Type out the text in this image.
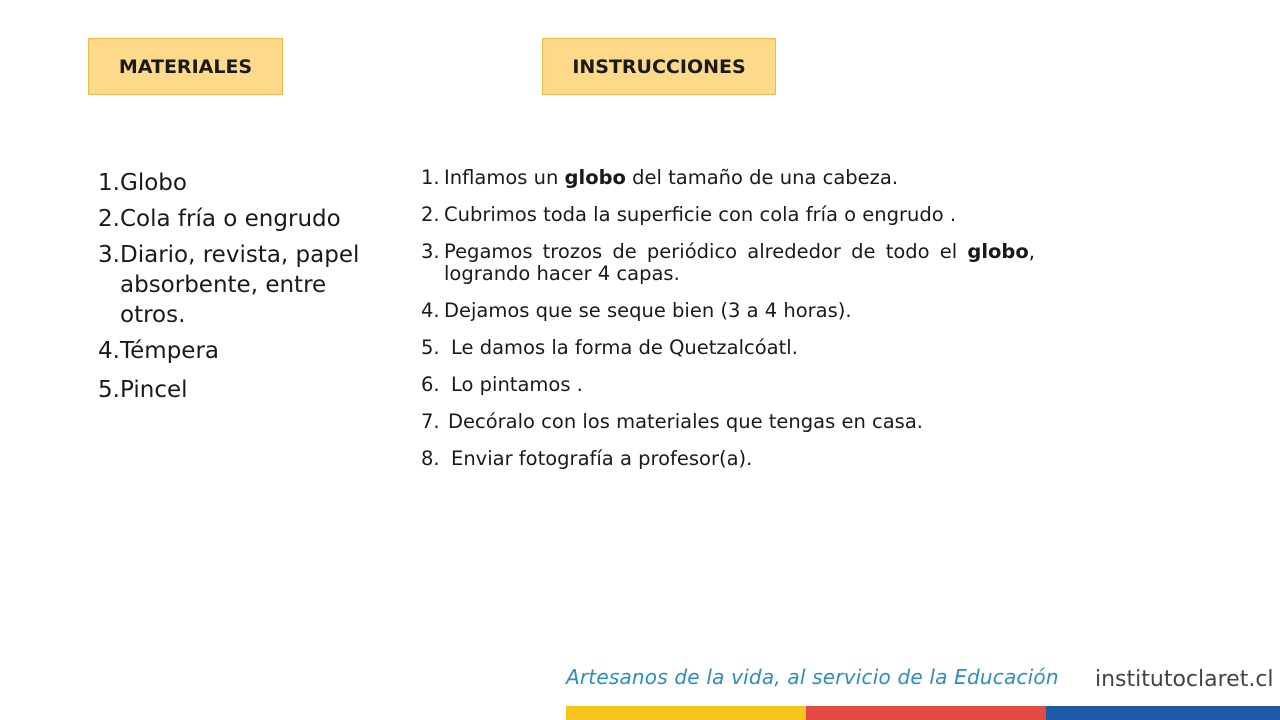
MATERIALES	INSTRUCCIONES
1. Globo
2. Cola fría o engrudo
3. Diario, revista, papel absorbente, entre otros.
4. Témpera
5. Pincel
1. Inflamos un globo del tamaño de una cabeza.
2. Cubrimos toda la superficie con cola fría o engrudo .
3. Pegamos trozos de periódico alrededor de todo el globo, logrando hacer 4 capas.
4. Dejamos que se seque bien (3 a 4 horas).
5. Le damos la forma de Quetzalcóatl.
6. Lo pintamos .
7. Decóralo con los materiales que tengas en casa.
8. Enviar fotografía a profesor(a).
Artesanos de la vida, al servicio de la Educación institutoclaret.cl
